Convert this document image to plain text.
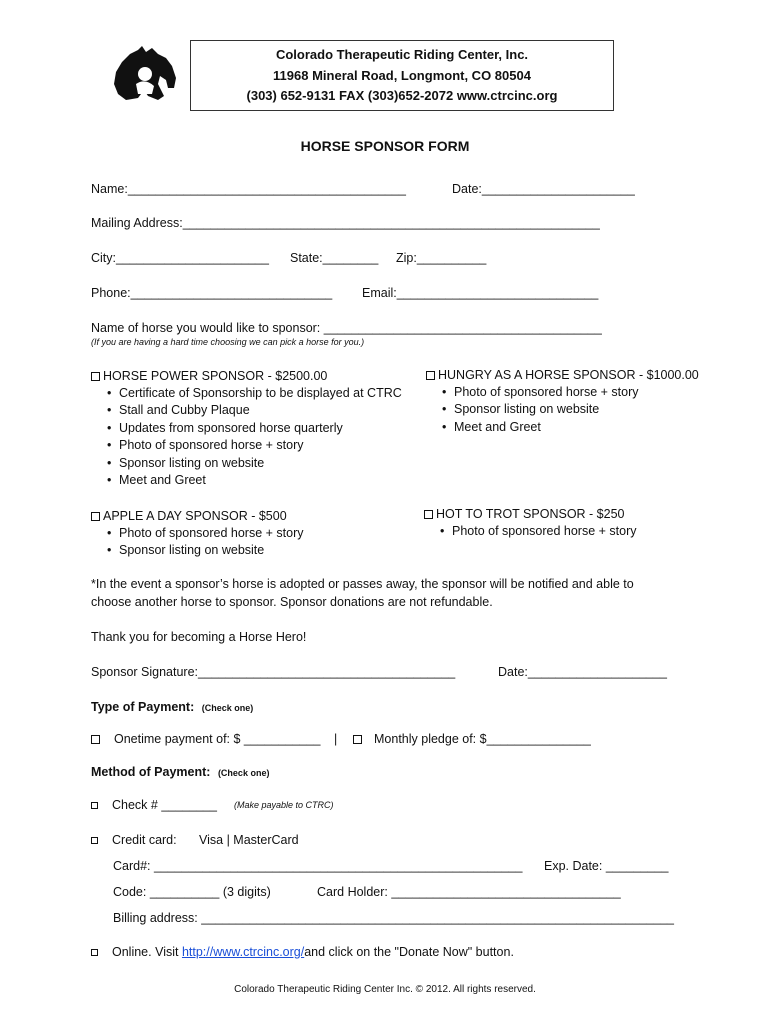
Colorado Therapeutic Riding Center, Inc.
11968 Mineral Road, Longmont, CO 80504
(303) 652-9131 FAX (303)652-2072 www.ctrcinc.org
HORSE SPONSOR FORM
Name:________________________________________	Date:______________________
Mailing Address:____________________________________________________________
City:______________________ State:________ Zip:__________
Phone:_____________________________ Email:_____________________________
Name of horse you would like to sponsor: ________________________________________
(If you are having a hard time choosing we can pick a horse for you.)
HORSE POWER SPONSOR - $2500.00
• Certificate of Sponsorship to be displayed at CTRC
• Stall and Cubby Plaque
• Updates from sponsored horse quarterly
• Photo of sponsored horse + story
• Sponsor listing on website
• Meet and Greet
HUNGRY AS A HORSE SPONSOR - $1000.00
• Photo of sponsored horse + story
• Sponsor listing on website
• Meet and Greet
APPLE A DAY SPONSOR - $500
• Photo of sponsored horse + story
• Sponsor listing on website
HOT TO TROT SPONSOR - $250
• Photo of sponsored horse + story
*In the event a sponsor’s horse is adopted or passes away, the sponsor will be notified and able to
choose another horse to sponsor. Sponsor donations are not refundable.
Thank you for becoming a Horse Hero!
Sponsor Signature:_____________________________________	Date:____________________
Type of Payment: (Check one)
Onetime payment of: $ ___________ |	Monthly pledge of: $_______________
Method of Payment: (Check one)
Check # ________ (Make payable to CTRC)
Credit card: Visa | MasterCard
Card#: _____________________________________________________ Exp. Date: _________
Code: __________ (3 digits)	Card Holder: _________________________________
Billing address: ____________________________________________________________________
Online. Visit http://www.ctrcinc.org/and click on the "Donate Now" button.
Colorado Therapeutic Riding Center Inc. © 2012. All rights reserved.
